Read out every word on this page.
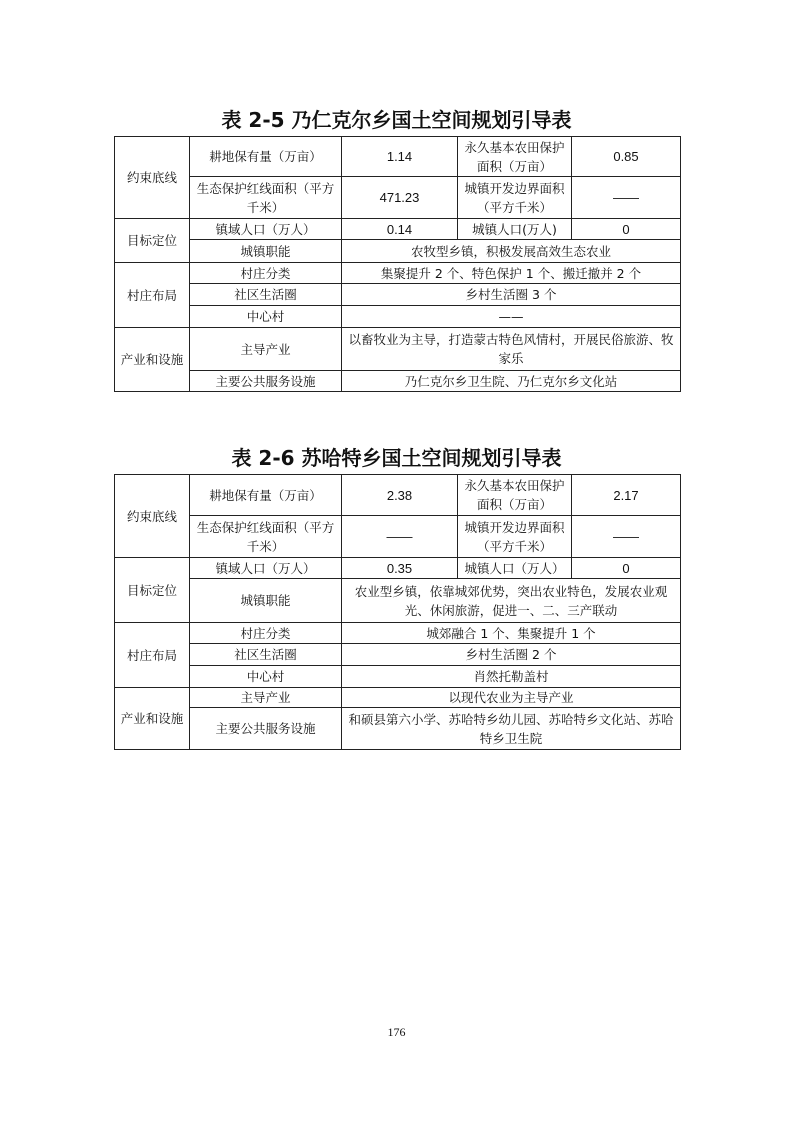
表 2-5 乃仁克尔乡国土空间规划引导表
约束底线	耕地保有量（万亩）	1.14	永久基本农田保护面积（万亩）	0.85
	生态保护红线面积（平方千米）	471.23	城镇开发边界面积（平方千米）	——
目标定位	镇域人口（万人）	0.14	城镇人口(万人)	0
	城镇职能	农牧型乡镇，积极发展高效生态农业		
村庄布局	村庄分类	集聚提升 2 个、特色保护 1 个、搬迁撤并 2 个		
	社区生活圈	乡村生活圈 3 个		
	中心村	——		
产业和设施	主导产业	以畜牧业为主导，打造蒙古特色风情村，开展民俗旅游、牧家乐		
	主要公共服务设施	乃仁克尔乡卫生院、乃仁克尔乡文化站		
表 2-6 苏哈特乡国土空间规划引导表
约束底线	耕地保有量（万亩）	2.38	永久基本农田保护面积（万亩）	2.17
	生态保护红线面积（平方千米）	——	城镇开发边界面积（平方千米）	——
目标定位	镇域人口（万人）	0.35	城镇人口（万人）	0
	城镇职能	农业型乡镇，依靠城郊优势，突出农业特色，发展农业观光、休闲旅游，促进一、二、三产联动		
村庄布局	村庄分类	城郊融合 1 个、集聚提升 1 个		
	社区生活圈	乡村生活圈 2 个		
	中心村	肖然托勒盖村		
产业和设施	主导产业	以现代农业为主导产业		
	主要公共服务设施	和硕县第六小学、苏哈特乡幼儿园、苏哈特乡文化站、苏哈特乡卫生院		
176
